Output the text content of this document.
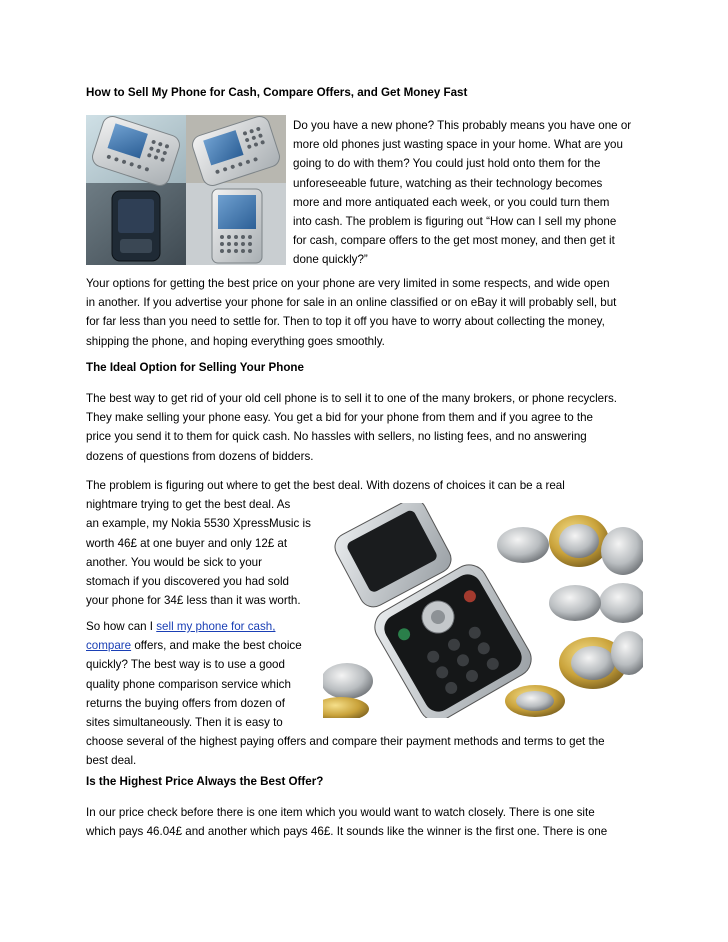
How to Sell My Phone for Cash, Compare Offers, and Get Money Fast

Do you have a new phone? This probably means you have one or
more old phones just wasting space in your home. What are you
going to do with them? You could just hold onto them for the
unforeseeable future, watching as their technology becomes
more and more antiquated each week, or you could turn them
into cash. The problem is figuring out “How can I sell my phone
for cash, compare offers to the get most money, and then get it
done quickly?”

Your options for getting the best price on your phone are very limited in some respects, and wide open
in another. If you advertise your phone for sale in an online classified or on eBay it will probably sell, but
for far less than you need to settle for. Then to top it off you have to worry about collecting the money,
shipping the phone, and hoping everything goes smoothly.

The Ideal Option for Selling Your Phone

The best way to get rid of your old cell phone is to sell it to one of the many brokers, or phone recyclers.
They make selling your phone easy. You get a bid for your phone from them and if you agree to the
price you send it to them for quick cash. No hassles with sellers, no listing fees, and no answering
dozens of questions from dozens of bidders.

The problem is figuring out where to get the best deal. With dozens of choices it can be a real
nightmare trying to get the best deal. As
an example, my Nokia 5530 XpressMusic is
worth 46£ at one buyer and only 12£ at
another. You would be sick to your
stomach if you discovered you had sold
your phone for 34£ less than it was worth.

So how can I sell my phone for cash,
compare offers, and make the best choice
quickly? The best way is to use a good
quality phone comparison service which
returns the buying offers from dozen of
sites simultaneously. Then it is easy to
choose several of the highest paying offers and compare their payment methods and terms to get the
best deal.

Is the Highest Price Always the Best Offer?

In our price check before there is one item which you would want to watch closely. There is one site
which pays 46.04£ and another which pays 46£. It sounds like the winner is the first one. There is one
